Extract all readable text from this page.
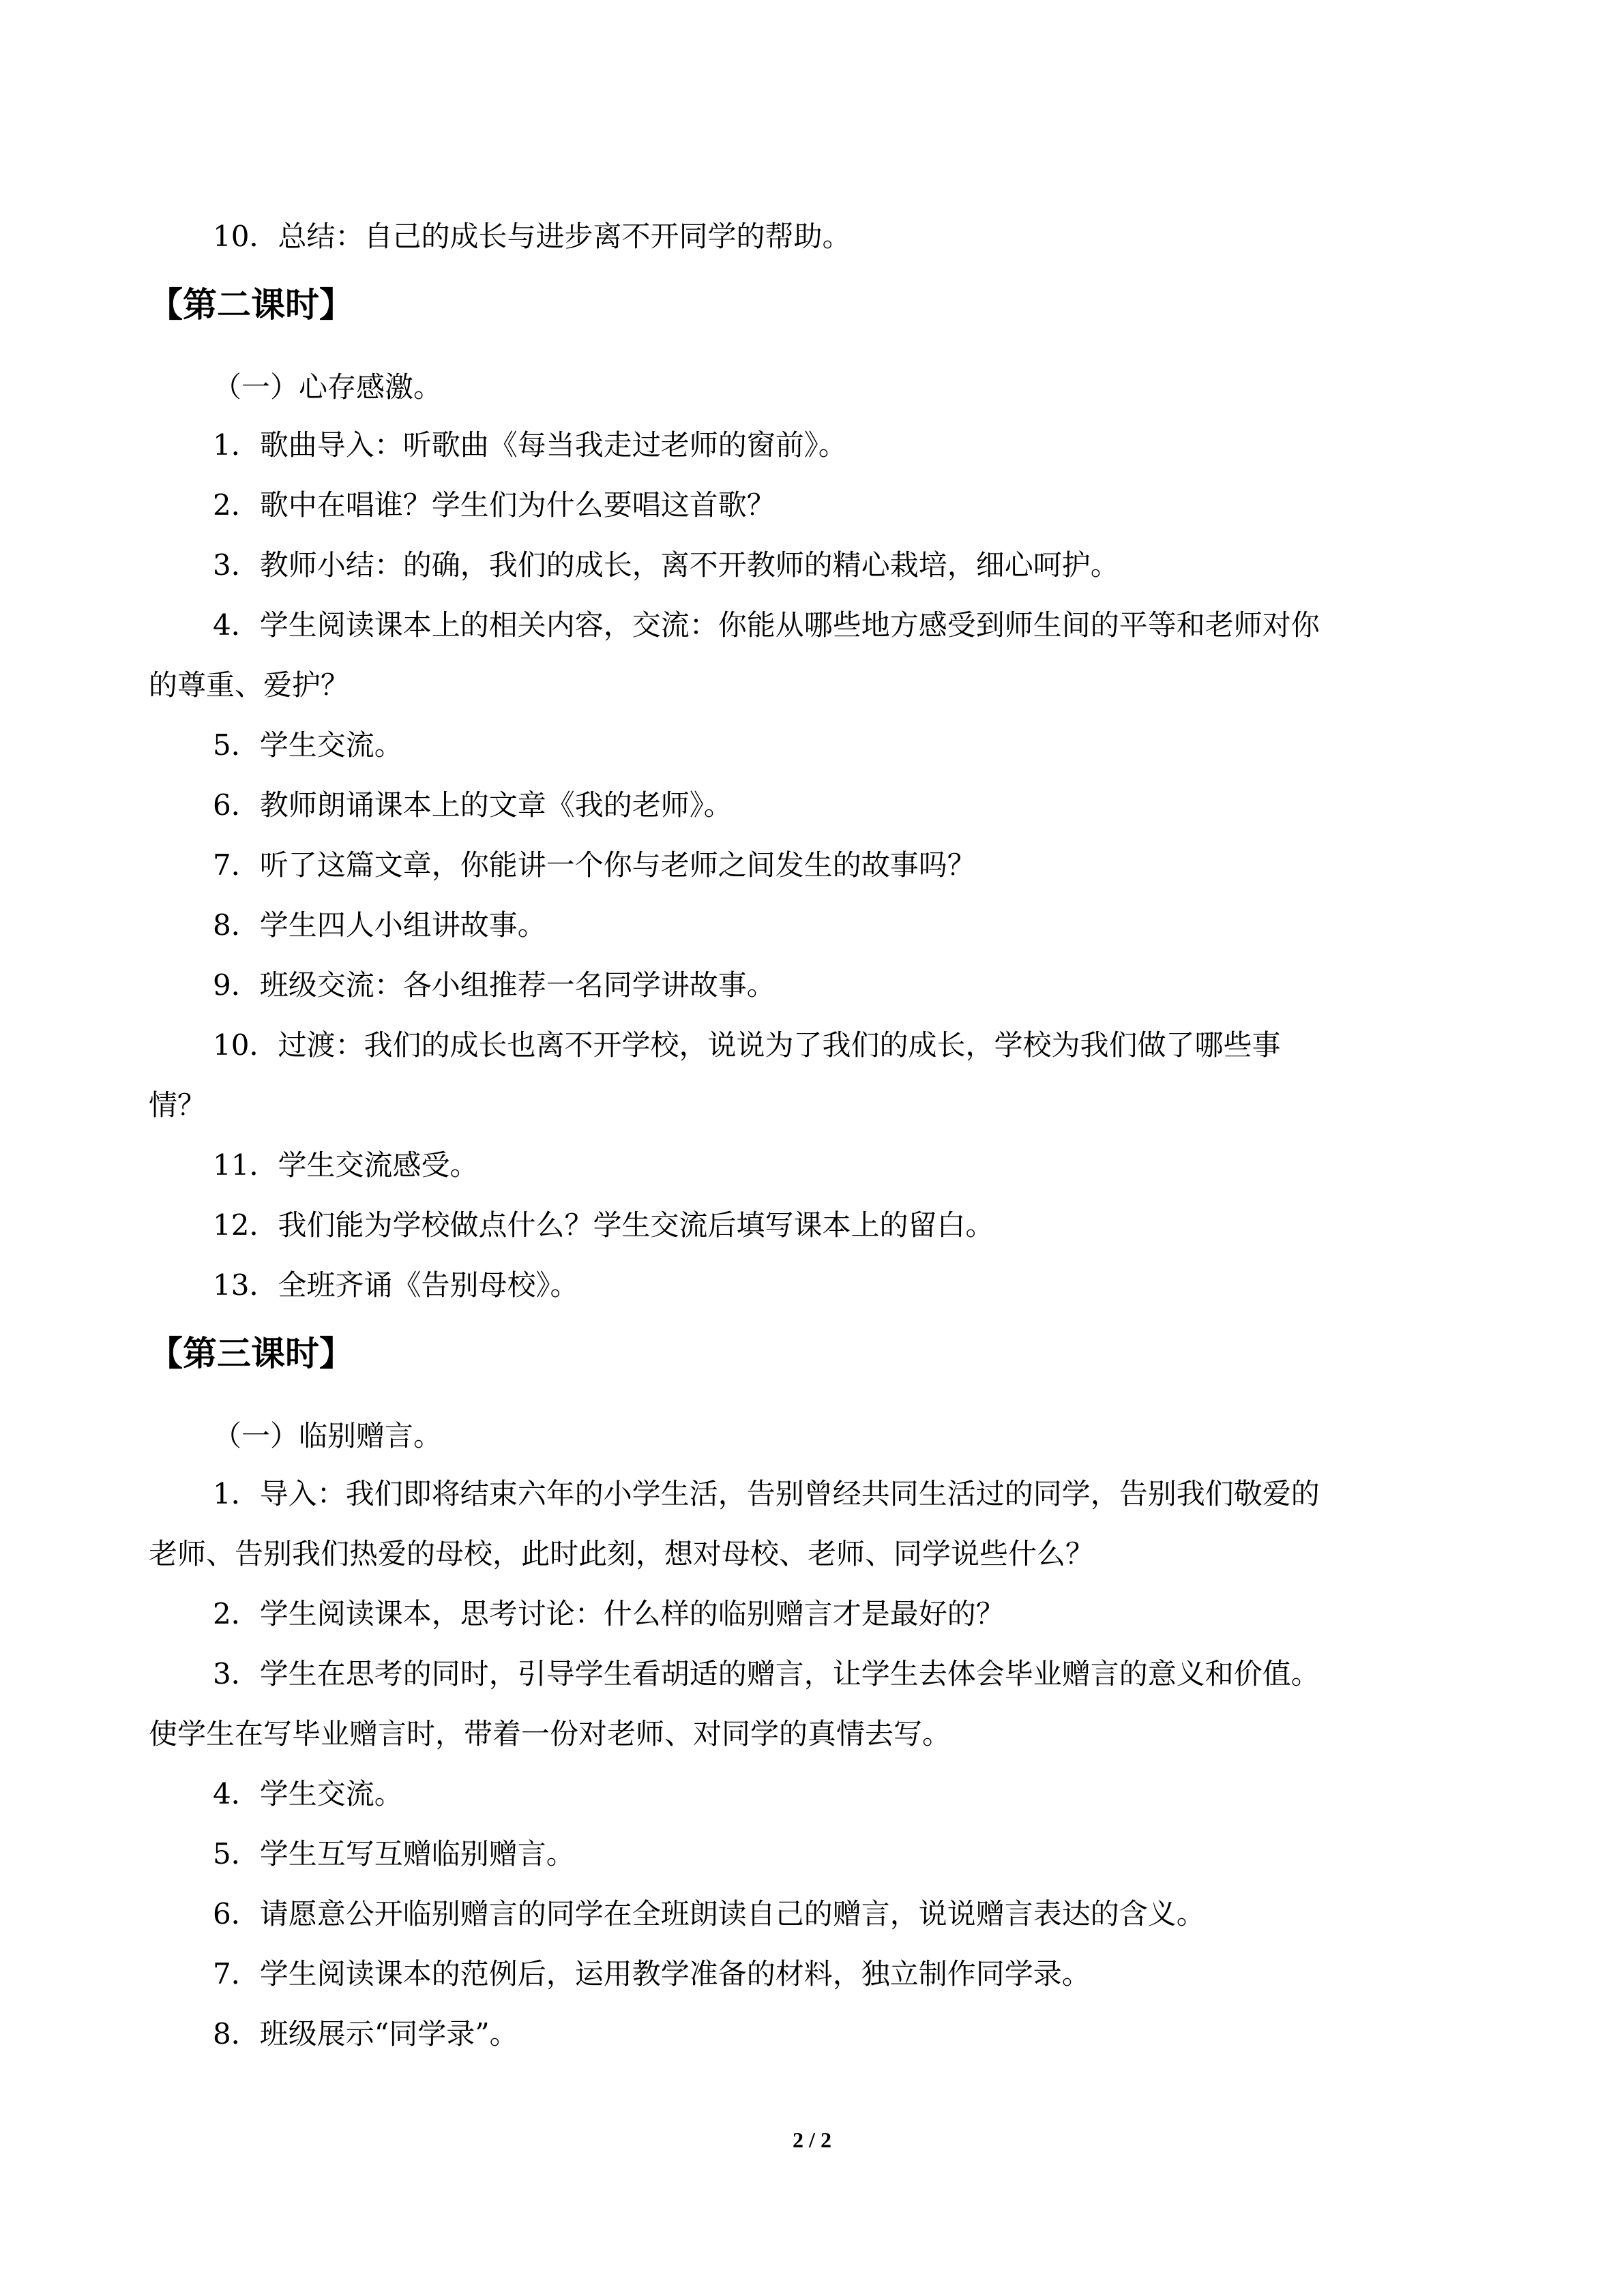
10．总结：自己的成长与进步离不开同学的帮助。
【第二课时】
（一）心存感激。
1．歌曲导入：听歌曲《每当我走过老师的窗前》。
2．歌中在唱谁？学生们为什么要唱这首歌？
3．教师小结：的确，我们的成长，离不开教师的精心栽培，细心呵护。
4．学生阅读课本上的相关内容，交流：你能从哪些地方感受到师生间的平等和老师对你
的尊重、爱护？
5．学生交流。
6．教师朗诵课本上的文章《我的老师》。
7．听了这篇文章，你能讲一个你与老师之间发生的故事吗？
8．学生四人小组讲故事。
9．班级交流：各小组推荐一名同学讲故事。
10．过渡：我们的成长也离不开学校，说说为了我们的成长，学校为我们做了哪些事
情？
11．学生交流感受。
12．我们能为学校做点什么？学生交流后填写课本上的留白。
13．全班齐诵《告别母校》。
【第三课时】
（一）临别赠言。
1．导入：我们即将结束六年的小学生活，告别曾经共同生活过的同学，告别我们敬爱的
老师、告别我们热爱的母校，此时此刻，想对母校、老师、同学说些什么？
2．学生阅读课本，思考讨论：什么样的临别赠言才是最好的？
3．学生在思考的同时，引导学生看胡适的赠言，让学生去体会毕业赠言的意义和价值。
使学生在写毕业赠言时，带着一份对老师、对同学的真情去写。
4．学生交流。
5．学生互写互赠临别赠言。
6．请愿意公开临别赠言的同学在全班朗读自己的赠言，说说赠言表达的含义。
7．学生阅读课本的范例后，运用教学准备的材料，独立制作同学录。
8．班级展示“同学录”。
2 / 2
